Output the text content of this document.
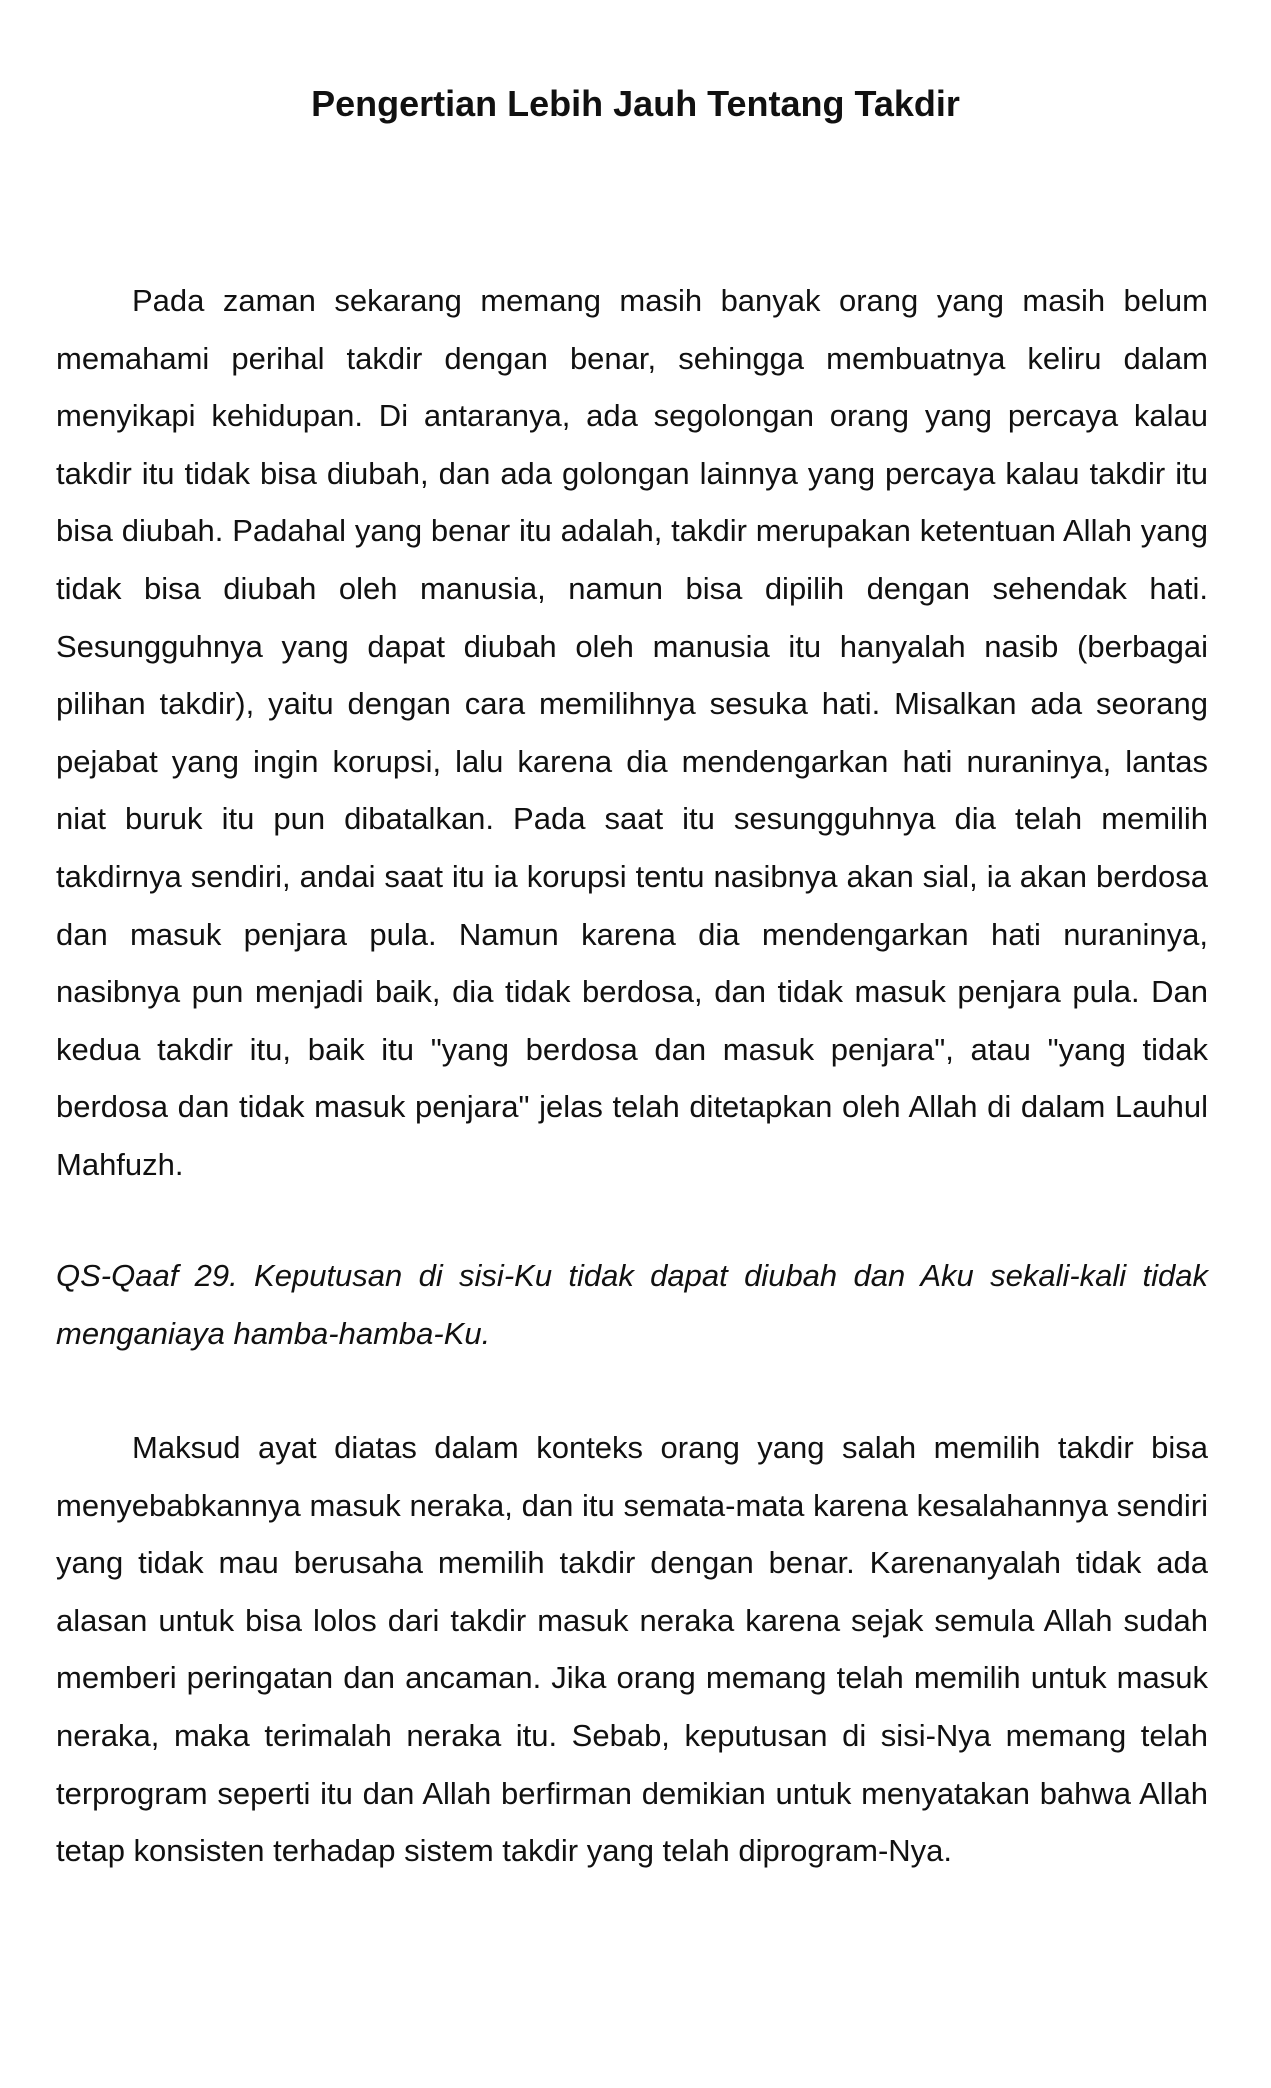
Pengertian Lebih Jauh Tentang Takdir

Pada zaman sekarang memang masih banyak orang yang masih belum memahami perihal takdir dengan benar, sehingga membuatnya keliru dalam menyikapi kehidupan. Di antaranya, ada segolongan orang yang percaya kalau takdir itu tidak bisa diubah, dan ada golongan lainnya yang percaya kalau takdir itu bisa diubah. Padahal yang benar itu adalah, takdir merupakan ketentuan Allah yang tidak bisa diubah oleh manusia, namun bisa dipilih dengan sehendak hati. Sesungguhnya yang dapat diubah oleh manusia itu hanyalah nasib (berbagai pilihan takdir), yaitu dengan cara memilihnya sesuka hati. Misalkan ada seorang pejabat yang ingin korupsi, lalu karena dia mendengarkan hati nuraninya, lantas niat buruk itu pun dibatalkan. Pada saat itu sesungguhnya dia telah memilih takdirnya sendiri, andai saat itu ia korupsi tentu nasibnya akan sial, ia akan berdosa dan masuk penjara pula. Namun karena dia mendengarkan hati nuraninya, nasibnya pun menjadi baik, dia tidak berdosa, dan tidak masuk penjara pula. Dan kedua takdir itu, baik itu "yang berdosa dan masuk penjara", atau "yang tidak berdosa dan tidak masuk penjara" jelas telah ditetapkan oleh Allah di dalam Lauhul Mahfuzh.

QS-Qaaf 29. Keputusan di sisi-Ku tidak dapat diubah dan Aku sekali-kali tidak menganiaya hamba-hamba-Ku.

Maksud ayat diatas dalam konteks orang yang salah memilih takdir bisa menyebabkannya masuk neraka, dan itu semata-mata karena kesalahannya sendiri yang tidak mau berusaha memilih takdir dengan benar. Karenanyalah tidak ada alasan untuk bisa lolos dari takdir masuk neraka karena sejak semula Allah sudah memberi peringatan dan ancaman. Jika orang memang telah memilih untuk masuk neraka, maka terimalah neraka itu. Sebab, keputusan di sisi-Nya memang telah terprogram seperti itu dan Allah berfirman demikian untuk menyatakan bahwa Allah tetap konsisten terhadap sistem takdir yang telah diprogram-Nya.
